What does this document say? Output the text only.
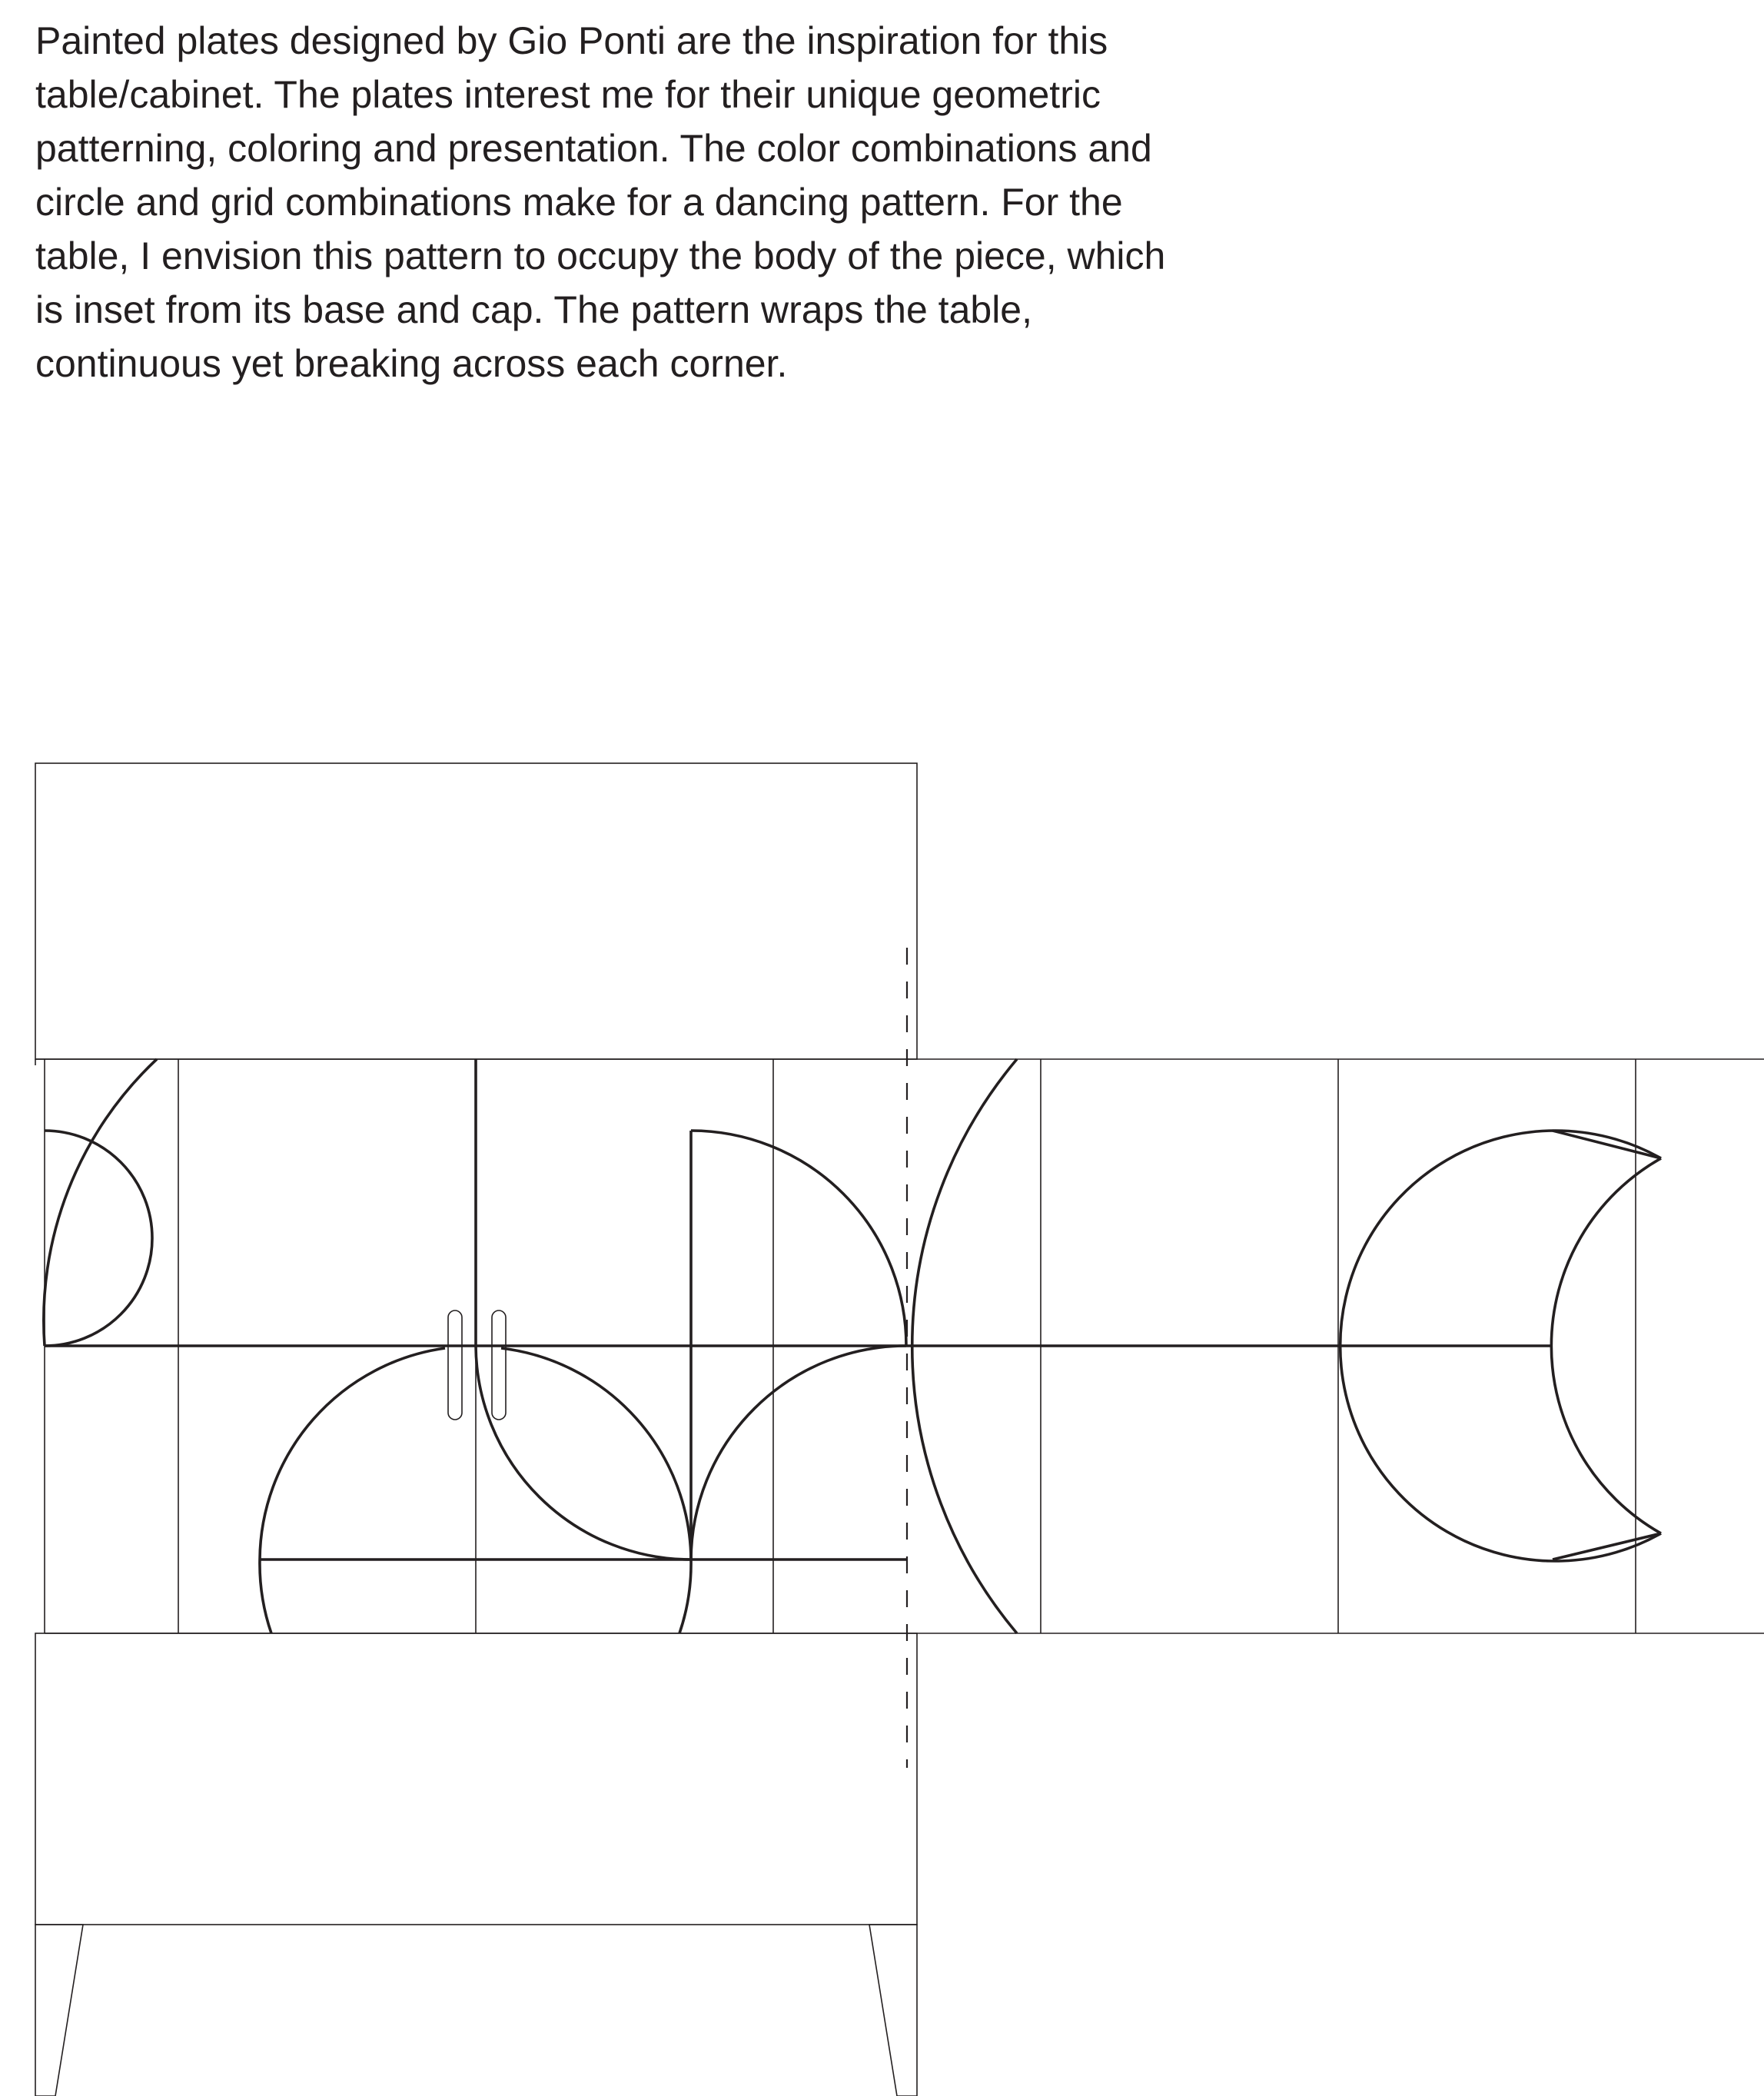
Painted plates designed by Gio Ponti are the inspiration for this
table/cabinet. The plates interest me for their unique geometric
patterning, coloring and presentation. The color combinations and
circle and grid combinations make for a dancing pattern. For the
table, I envision this pattern to occupy the body of the piece, which
is inset from its base and cap. The pattern wraps the table,
continuous yet breaking across each corner.
